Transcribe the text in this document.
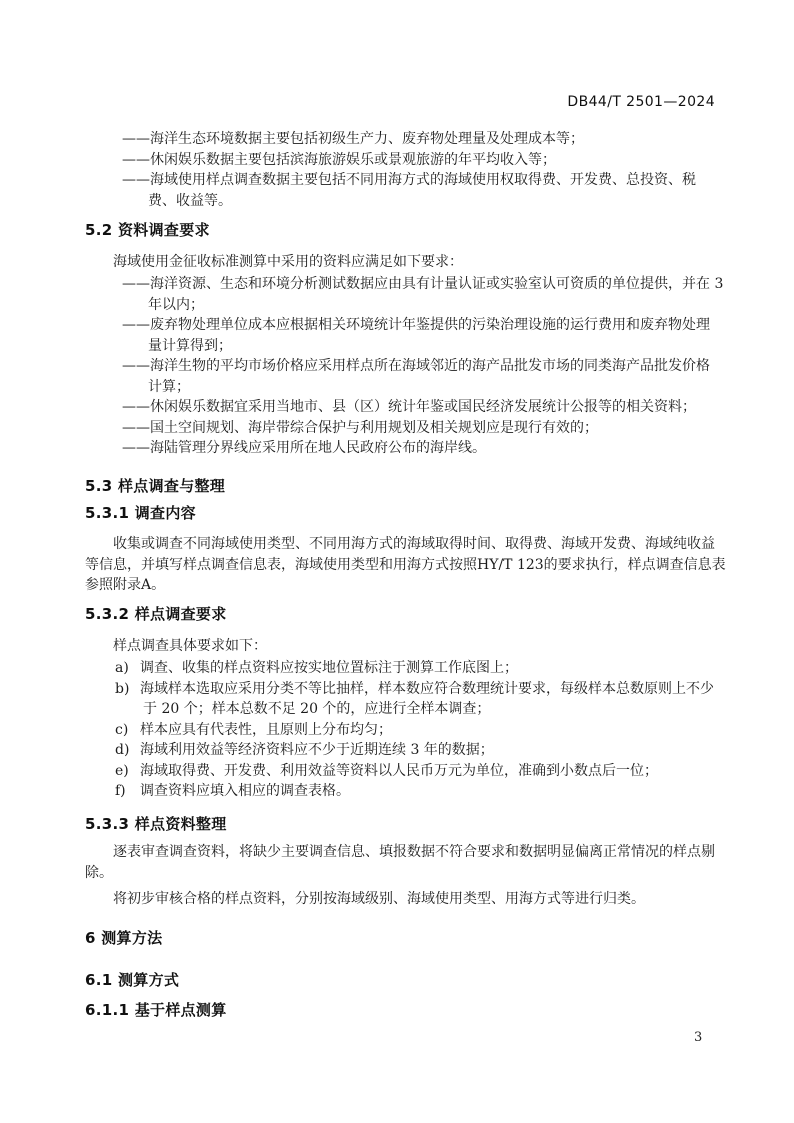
DB44/T 2501—2024
——海洋生态环境数据主要包括初级生产力、废弃物处理量及处理成本等；
——休闲娱乐数据主要包括滨海旅游娱乐或景观旅游的年平均收入等；
——海域使用样点调查数据主要包括不同用海方式的海域使用权取得费、开发费、总投资、税
费、收益等。
5.2 资料调查要求
海域使用金征收标准测算中采用的资料应满足如下要求：
——海洋资源、生态和环境分析测试数据应由具有计量认证或实验室认可资质的单位提供，并在 3
年以内；
——废弃物处理单位成本应根据相关环境统计年鉴提供的污染治理设施的运行费用和废弃物处理
量计算得到；
——海洋生物的平均市场价格应采用样点所在海域邻近的海产品批发市场的同类海产品批发价格
计算；
——休闲娱乐数据宜采用当地市、县（区）统计年鉴或国民经济发展统计公报等的相关资料；
——国土空间规划、海岸带综合保护与利用规划及相关规划应是现行有效的；
——海陆管理分界线应采用所在地人民政府公布的海岸线。
5.3 样点调查与整理
5.3.1 调查内容
收集或调查不同海域使用类型、不同用海方式的海域取得时间、取得费、海域开发费、海域纯收益
等信息，并填写样点调查信息表，海域使用类型和用海方式按照HY/T 123的要求执行，样点调查信息表
参照附录A。
5.3.2 样点调查要求
样点调查具体要求如下：
a) 调查、收集的样点资料应按实地位置标注于测算工作底图上；
b) 海域样本选取应采用分类不等比抽样，样本数应符合数理统计要求，每级样本总数原则上不少
于 20 个；样本总数不足 20 个的，应进行全样本调查；
c) 样本应具有代表性，且原则上分布均匀；
d) 海域利用效益等经济资料应不少于近期连续 3 年的数据；
e) 海域取得费、开发费、利用效益等资料以人民币万元为单位，准确到小数点后一位；
f) 调查资料应填入相应的调查表格。
5.3.3 样点资料整理
逐表审查调查资料，将缺少主要调查信息、填报数据不符合要求和数据明显偏离正常情况的样点剔
除。
将初步审核合格的样点资料，分别按海域级别、海域使用类型、用海方式等进行归类。
6 测算方法
6.1 测算方式
6.1.1 基于样点测算
3
